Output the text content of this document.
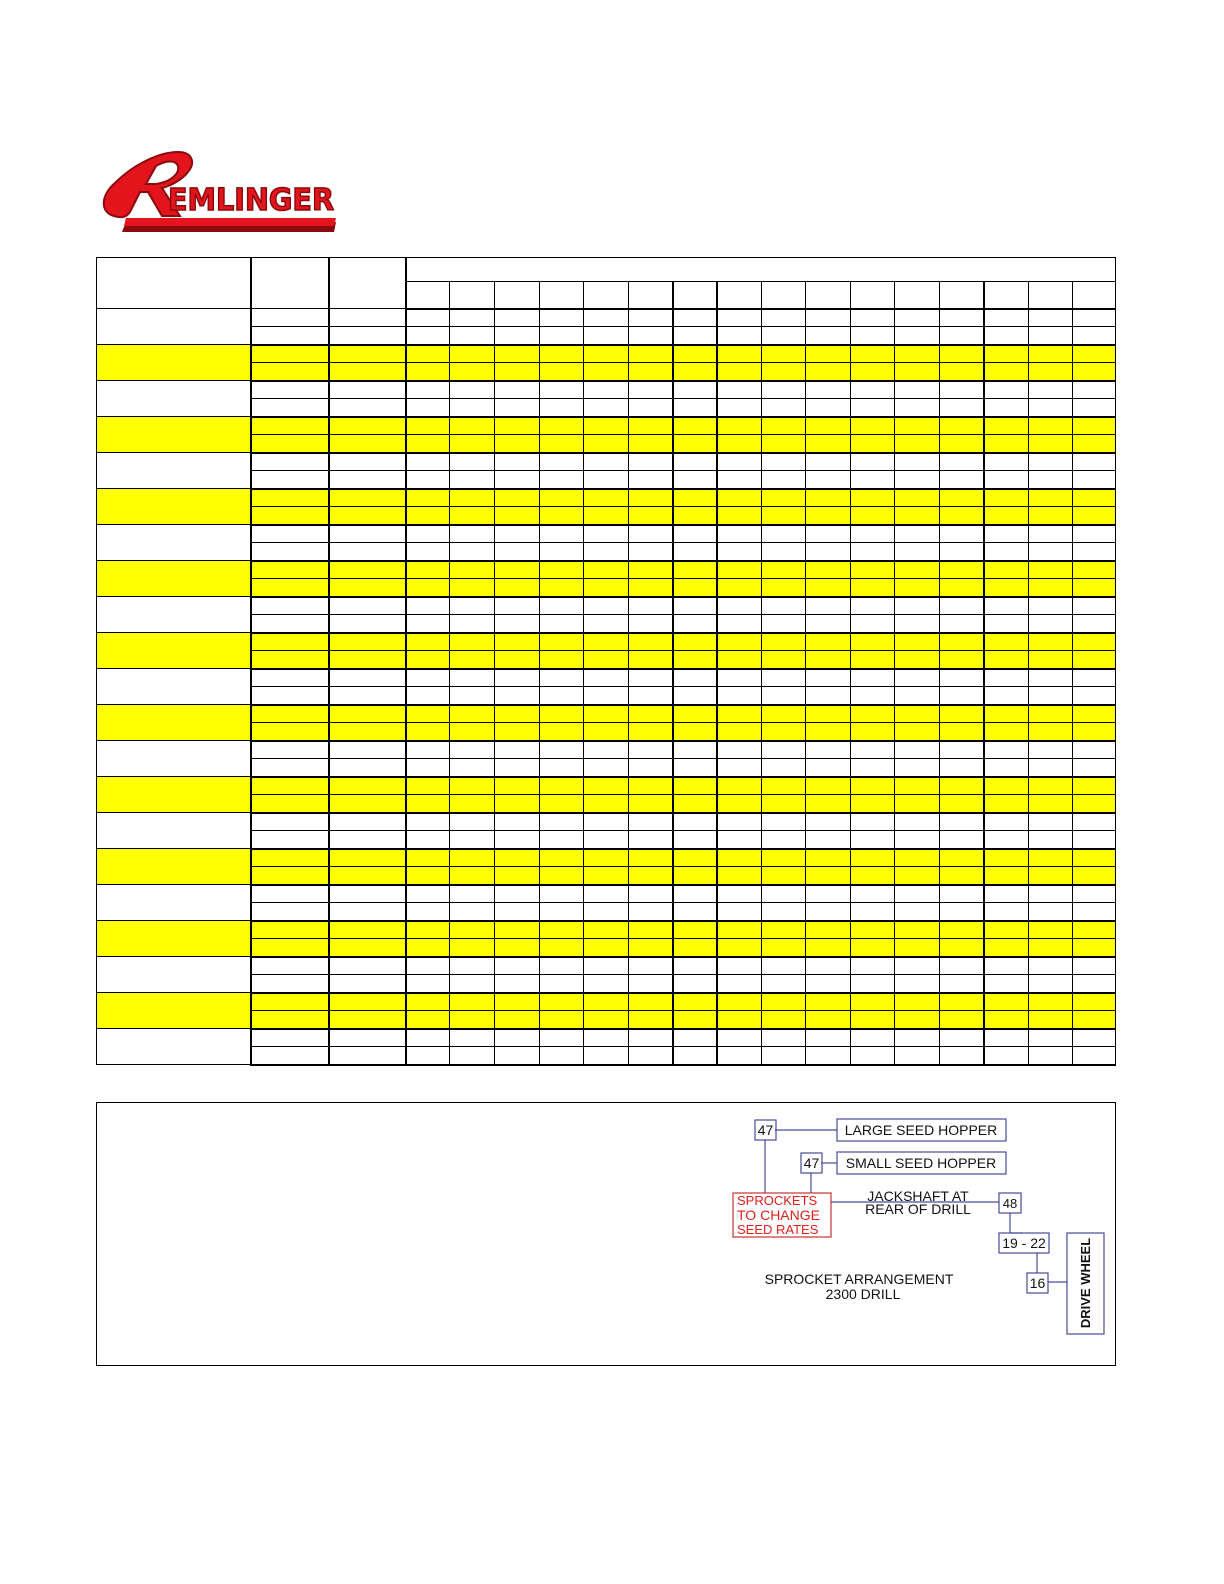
EMLINGER

47	LARGE SEED HOPPER
47 SMALL SEED HOPPER
SPROCKETS
TO CHANGE
SEED RATES
JACKSHAFT AT
REAR OF DRILL 48
19 - 22
16
SPROCKET ARRANGEMENT
2300 DRILL	DRIVE WHEEL
